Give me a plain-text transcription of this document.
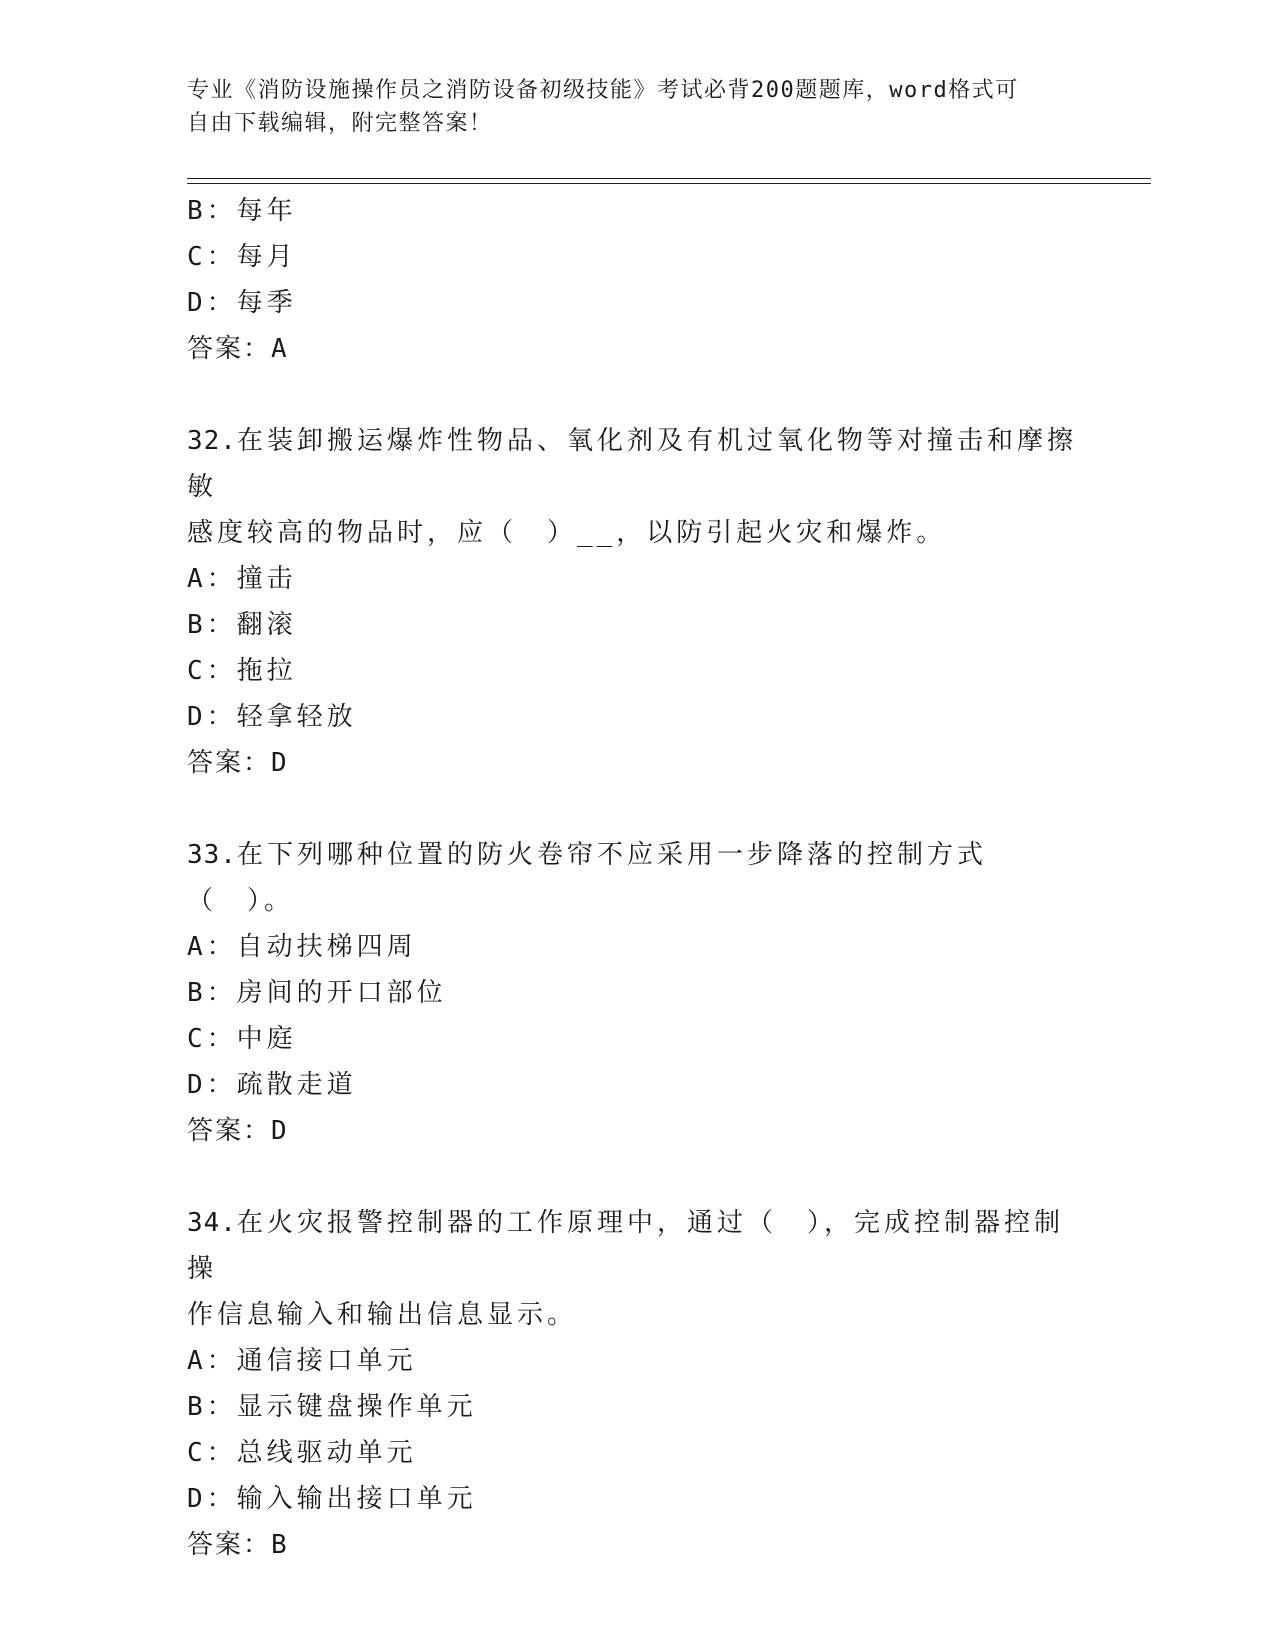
专业《消防设施操作员之消防设备初级技能》考试必背200题题库，word格式可
自由下载编辑，附完整答案！
B：每年
C：每月
D：每季
答案：A
32.在装卸搬运爆炸性物品、氧化剂及有机过氧化物等对撞击和摩擦敏
感度较高的物品时，应（　）__，以防引起火灾和爆炸。
A：撞击
B：翻滚
C：拖拉
D：轻拿轻放
答案：D
33.在下列哪种位置的防火卷帘不应采用一步降落的控制方式（　）。
A：自动扶梯四周
B：房间的开口部位
C：中庭
D：疏散走道
答案：D
34.在火灾报警控制器的工作原理中，通过（　），完成控制器控制操
作信息输入和输出信息显示。
A：通信接口单元
B：显示键盘操作单元
C：总线驱动单元
D：输入输出接口单元
答案：B
